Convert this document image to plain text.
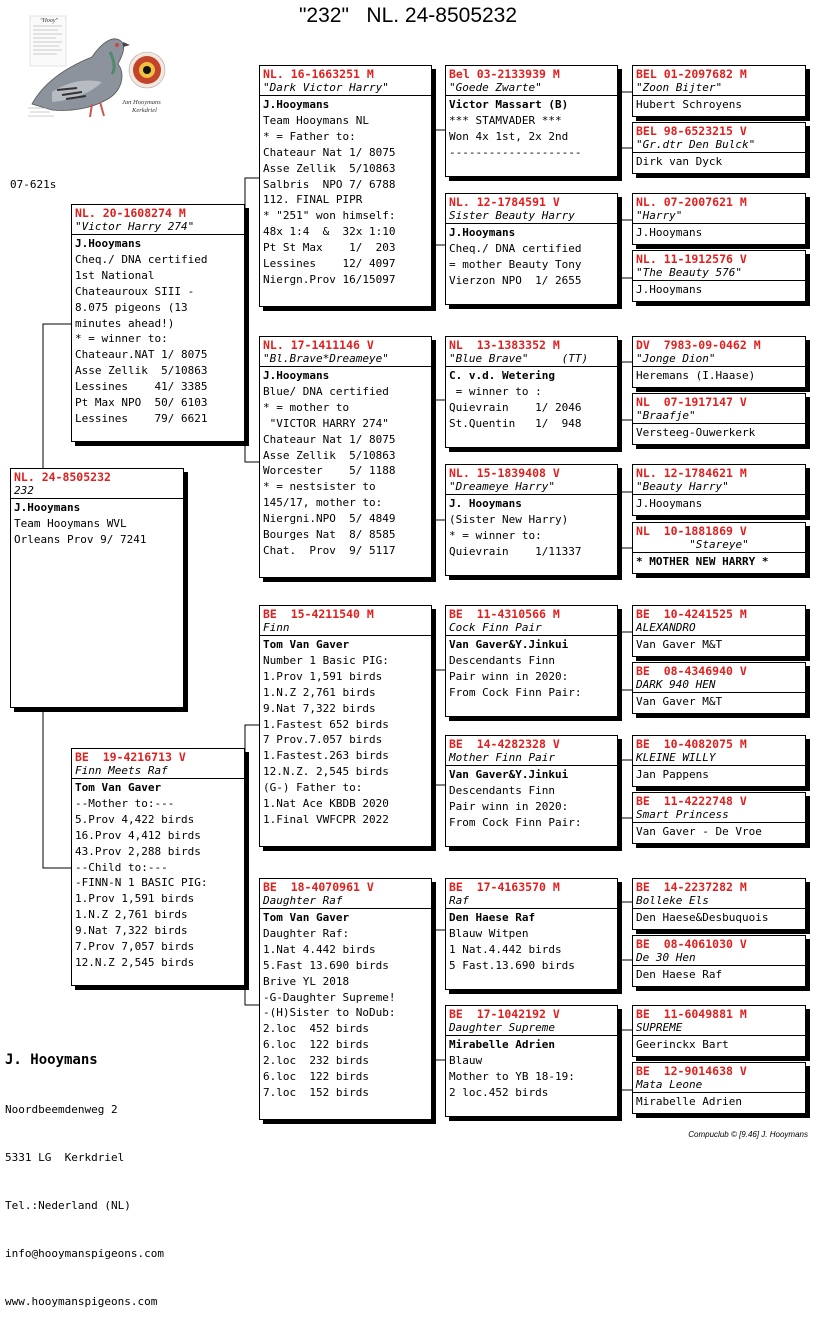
"232" NL. 24-8505232
"Hooy"
Jan Hooymans
Kerkdriel
07-621s
NL. 24-8505232
232
J.Hooymans
Team Hooymans WVL
Orleans Prov 9/ 7241
NL. 20-1608274 M
"Victor Harry 274"
J.Hooymans
Cheq./ DNA certified
1st National
Chateauroux SIII -
8.075 pigeons (13
minutes ahead!)
* = winner to:
Chateaur.NAT 1/ 8075
Asse Zellik  5/10863
Lessines    41/ 3385
Pt Max NPO  50/ 6103
Lessines    79/ 6621
BE  19-4216713 V
Finn Meets Raf
Tom Van Gaver
--Mother to:---
5.Prov 4,422 birds
16.Prov 4,412 birds
43.Prov 2,288 birds
--Child to:---
-FINN-N 1 BASIC PIG:
1.Prov 1,591 birds
1.N.Z 2,761 birds
9.Nat 7,322 birds
7.Prov 7,057 birds
12.N.Z 2,545 birds
NL. 16-1663251 M
"Dark Victor Harry"
J.Hooymans
Team Hooymans NL
* = Father to:
Chateaur Nat 1/ 8075
Asse Zellik  5/10863
Salbris  NPO 7/ 6788
112. FINAL PIPR
* "251" won himself:
48x 1:4  &  32x 1:10
Pt St Max    1/  203
Lessines    12/ 4097
Niergn.Prov 16/15097
NL. 17-1411146 V
"Bl.Brave*Dreameye"
J.Hooymans
Blue/ DNA certified
* = mother to
"VICTOR HARRY 274"
Chateaur Nat 1/ 8075
Asse Zellik  5/10863
Worcester    5/ 1188
* = nestsister to
145/17, mother to:
Niergni.NPO  5/ 4849
Bourges Nat  8/ 8585
Chat.  Prov  9/ 5117
BE  15-4211540 M
Finn
Tom Van Gaver
Number 1 Basic PIG:
1.Prov 1,591 birds
1.N.Z 2,761 birds
9.Nat 7,322 birds
1.Fastest 652 birds
7 Prov.7.057 birds
1.Fastest.263 birds
12.N.Z. 2,545 birds
(G-) Father to:
1.Nat Ace KBDB 2020
1.Final VWFCPR 2022
BE  18-4070961 V
Daughter Raf
Tom Van Gaver
Daughter Raf:
1.Nat 4.442 birds
5.Fast 13.690 birds
Brive YL 2018
-G-Daughter Supreme!
-(H)Sister to NoDub:
2.loc  452 birds
6.loc  122 birds
2.loc  232 birds
6.loc  122 birds
7.loc  152 birds
Bel 03-2133939 M
"Goede Zwarte"
Victor Massart (B)
*** STAMVADER ***
Won 4x 1st, 2x 2nd
--------------------
NL. 12-1784591 V
Sister Beauty Harry
J.Hooymans
Cheq./ DNA certified
= mother Beauty Tony
Vierzon NPO  1/ 2655
NL  13-1383352 M
"Blue Brave"     (TT)
C. v.d. Wetering
= winner to :
Quievrain    1/ 2046
St.Quentin   1/  948
NL. 15-1839408 V
"Dreameye Harry"
J. Hooymans
(Sister New Harry)
* = winner to:
Quievrain    1/11337
BE  11-4310566 M
Cock Finn Pair
Van Gaver&Y.Jinkui
Descendants Finn
Pair winn in 2020:
From Cock Finn Pair:
BE  14-4282328 V
Mother Finn Pair
Van Gaver&Y.Jinkui
Descendants Finn
Pair winn in 2020:
From Cock Finn Pair:
BE  17-4163570 M
Raf
Den Haese Raf
Blauw Witpen
1 Nat.4.442 birds
5 Fast.13.690 birds
BE  17-1042192 V
Daughter Supreme
Mirabelle Adrien
Blauw
Mother to YB 18-19:
2 loc.452 birds
BEL 01-2097682 M
"Zoon Bijter"
Hubert Schroyens
BEL 98-6523215 V
"Gr.dtr Den Bulck"
Dirk van Dyck
NL. 07-2007621 M
"Harry"
J.Hooymans
NL. 11-1912576 V
"The Beauty 576"
J.Hooymans
DV  7983-09-0462 M
"Jonge Dion"
Heremans (I.Haase)
NL  07-1917147 V
"Braafje"
Versteeg-Ouwerkerk
NL. 12-1784621 M
"Beauty Harry"
J.Hooymans
NL  10-1881869 V
"Stareye"
* MOTHER NEW HARRY *
BE  10-4241525 M
ALEXANDRO
Van Gaver M&T
BE  08-4346940 V
DARK 940 HEN
Van Gaver M&T
BE  10-4082075 M
KLEINE WILLY
Jan Pappens
BE  11-4222748 V
Smart Princess
Van Gaver - De Vroe
BE  14-2237282 M
Bolleke Els
Den Haese&Desbuquois
BE  08-4061030 V
De 30 Hen
Den Haese Raf
BE  11-6049881 M
SUPREME
Geerinckx Bart
BE  12-9014638 V
Mata Leone
Mirabelle Adrien

J. Hooymans

Noordbeemdenweg 2

5331 LG  Kerkdriel

Tel.:Nederland (NL)

info@hooymanspigeons.com

www.hooymanspigeons.com

Compuclub © [9.46] J. Hooymans
